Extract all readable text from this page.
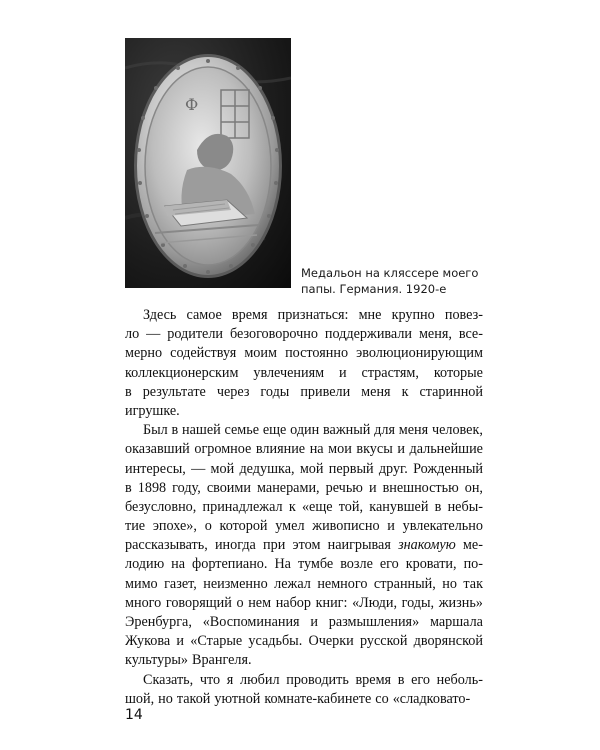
Ф
Медальон на кляссере моего
папы. Германия. 1920-е
Здесь самое время признаться: мне крупно повез-
ло — родители безоговорочно поддерживали меня, все-
мерно содействуя моим постоянно эволюционирующим
коллекционерским увлечениям и страстям, которые
в результате через годы привели меня к старинной
игрушке.
Был в нашей семье еще один важный для меня человек,
оказавший огромное влияние на мои вкусы и дальнейшие
интересы, — мой дедушка, мой первый друг. Рожденный
в 1898 году, своими манерами, речью и внешностью он,
безусловно, принадлежал к «еще той, канувшей в небы-
тие эпохе», о которой умел живописно и увлекательно
рассказывать, иногда при этом наигрывая знакомую ме-
лодию на фортепиано. На тумбе возле его кровати, по-
мимо газет, неизменно лежал немного странный, но так
много говорящий о нем набор книг: «Люди, годы, жизнь»
Эренбурга, «Воспоминания и размышления» маршала
Жукова и «Старые усадьбы. Очерки русской дворянской
культуры» Врангеля.
Сказать, что я любил проводить время в его неболь-
шой, но такой уютной комнате-кабинете со «сладковато-
14
